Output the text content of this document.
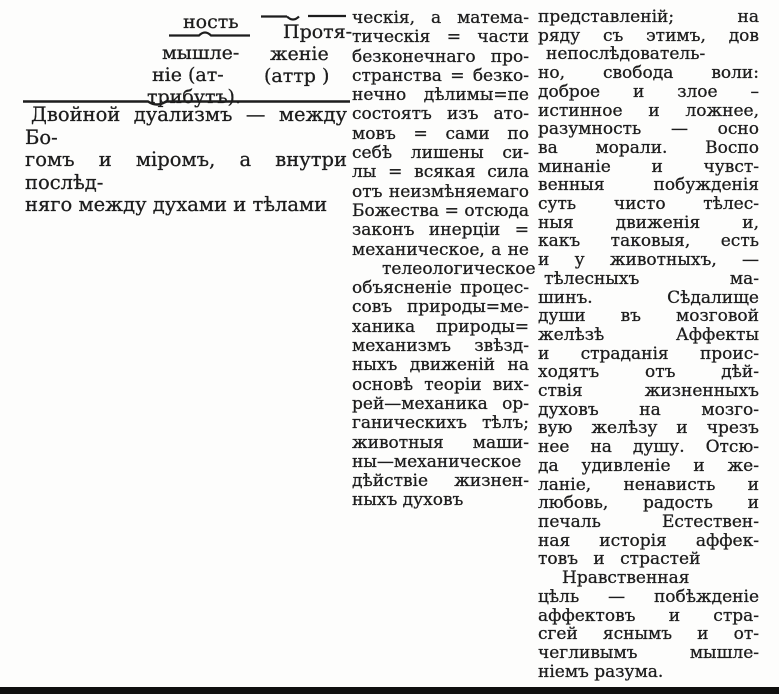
ность
мышле-
ніе (ат-
трибутъ).
Протя-
женіе
(аттр )
Двойной дуализмъ — между Бо-
гомъ и міромъ, а внутри послѣд-
няго между духами и тѣлами
ческія, а матема-
тическія = части
безконечнаго про-
странства = безко-
нечно дѣлимы=пе
состоятъ изъ ато-
мовъ = сами по
себѣ лишены си-
лы = всякая сила
отъ неизмѣняемаго
Божества = отсюда
законъ инерціи =
механическое, а не
телеологическое
объясненіе процес-
совъ природы=ме-
ханика природы=
механизмъ звѣзд-
ныхъ движеній на
основѣ теоріи вих-
рей—механика ор-
ганическихъ тѣлъ;
животныя маши-
ны—механическое
дѣйствіе жизнен-
ныхъ духовъ
представленій; на
ряду съ этимъ, дов
непослѣдователь-
но, свобода воли:
доброе и злое –
истинное и ложнее,
разумность — осно
ва морали. Воспо
минаніе и чувст-
венныя побужденія
суть чисто тѣлес-
ныя движенія и,
какъ таковыя, есть
и у животныхъ, —
тѣлесныхъ ма-
шинъ. Сѣдалище
души въ мозговой
желѣзѣ Аффекты
и страданія проис-
ходятъ отъ дѣй-
ствія жизненныхъ
духовъ на мозго-
вую желѣзу и чрезъ
нее на душу. Отсю-
да удивленіе и же-
ланіе, ненависть и
любовь, радость и
печаль Естествен-
ная исторія аффек-
товъ и страстей
Нравственная
цѣль — побѣжденіе
аффектовъ и стра-
сгей яснымъ и от-
чегливымъ мышле-
ніемъ разума.
